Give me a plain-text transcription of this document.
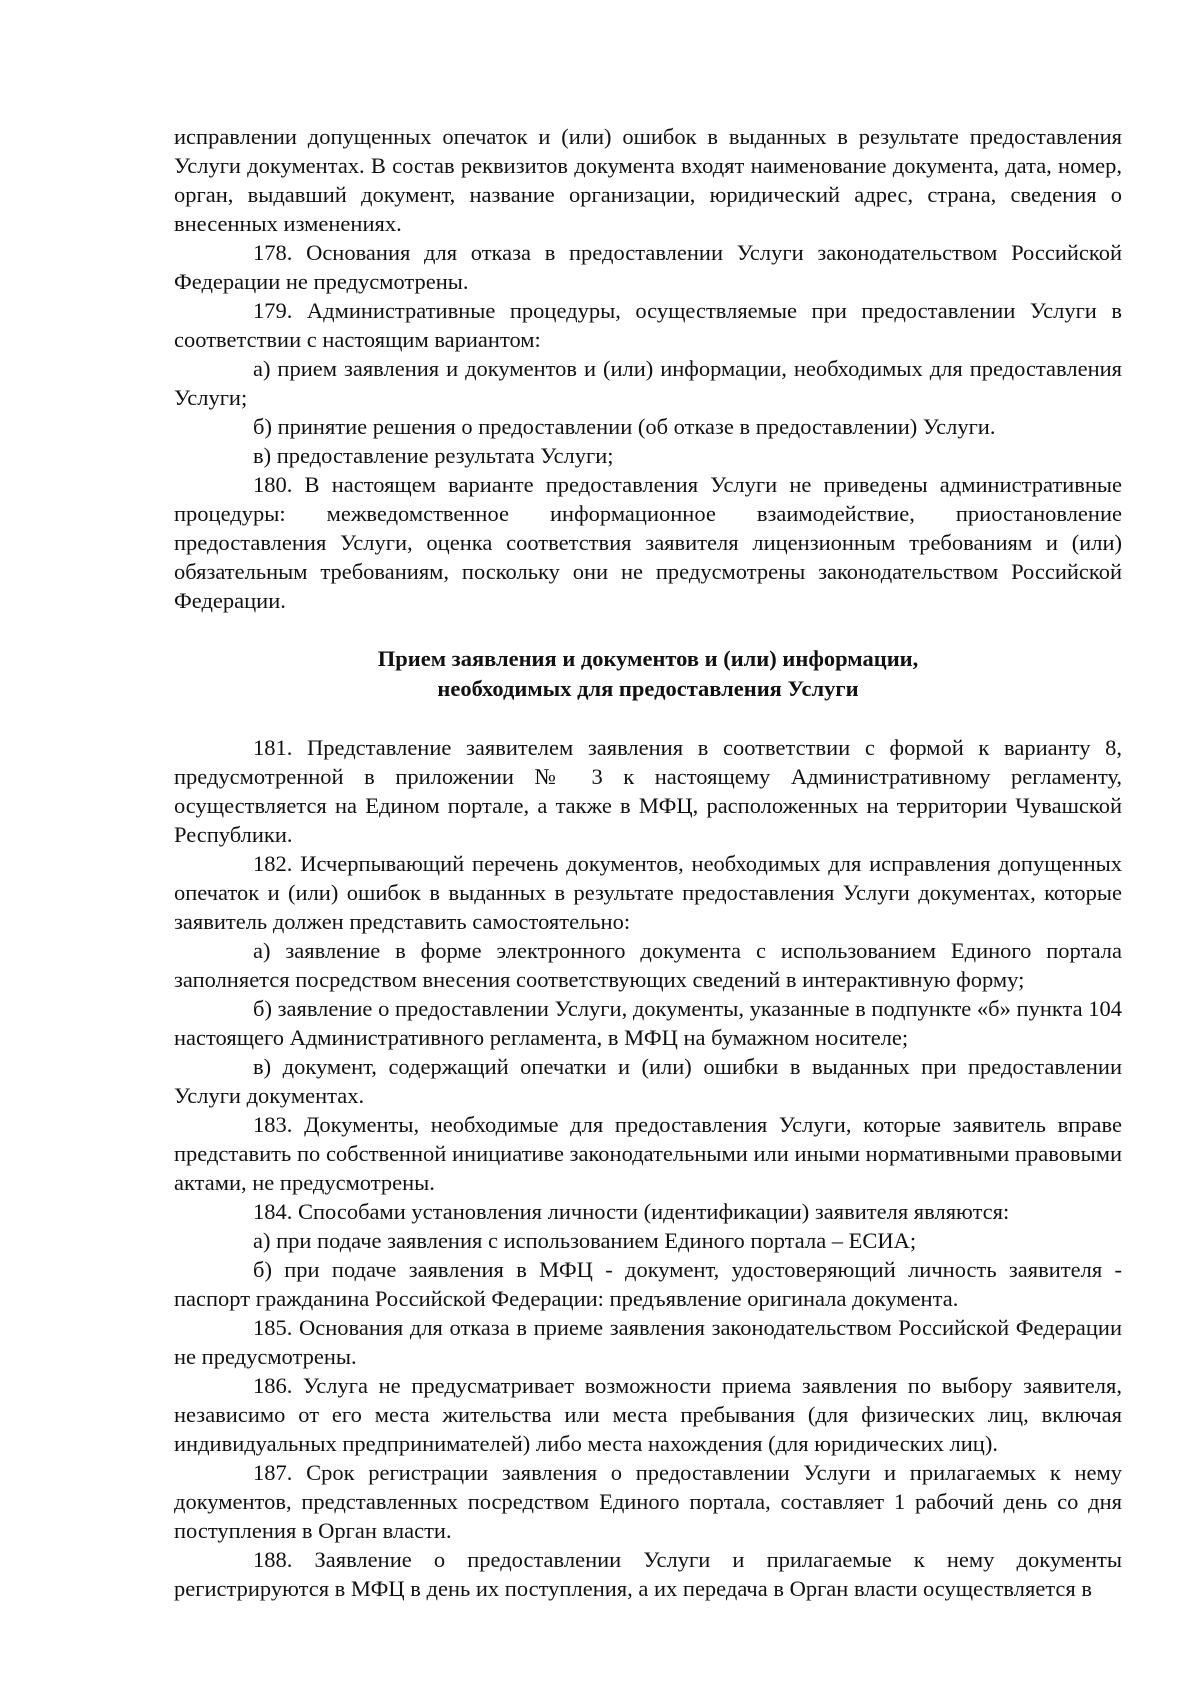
исправлении допущенных опечаток и (или) ошибок в выданных в результате предоставления Услуги документах. В состав реквизитов документа входят наименование документа, дата, номер, орган, выдавший документ, название организации, юридический адрес, страна, сведения о внесенных изменениях.

178. Основания для отказа в предоставлении Услуги законодательством Российской Федерации не предусмотрены.

179. Административные процедуры, осуществляемые при предоставлении Услуги в соответствии с настоящим вариантом:

а) прием заявления и документов и (или) информации, необходимых для предоставления Услуги;

б) принятие решения о предоставлении (об отказе в предоставлении) Услуги.

в) предоставление результата Услуги;

180. В настоящем варианте предоставления Услуги не приведены административные процедуры: межведомственное информационное взаимодействие, приостановление предоставления Услуги, оценка соответствия заявителя лицензионным требованиям и (или) обязательным требованиям, поскольку они не предусмотрены законодательством Российской Федерации.

Прием заявления и документов и (или) информации,
необходимых для предоставления Услуги

181. Представление заявителем заявления в соответствии с формой к варианту 8, предусмотренной в приложении № 3 к настоящему Административному регламенту, осуществляется на Едином портале, а также в МФЦ, расположенных на территории Чувашской Республики.

182. Исчерпывающий перечень документов, необходимых для исправления допущенных опечаток и (или) ошибок в выданных в результате предоставления Услуги документах, которые заявитель должен представить самостоятельно:

а) заявление в форме электронного документа с использованием Единого портала заполняется посредством внесения соответствующих сведений в интерактивную форму;

б) заявление о предоставлении Услуги, документы, указанные в подпункте «б» пункта 104 настоящего Административного регламента, в МФЦ на бумажном носителе;

в) документ, содержащий опечатки и (или) ошибки в выданных при предоставлении Услуги документах.

183. Документы, необходимые для предоставления Услуги, которые заявитель вправе представить по собственной инициативе законодательными или иными нормативными правовыми актами, не предусмотрены.

184. Способами установления личности (идентификации) заявителя являются:

а) при подаче заявления с использованием Единого портала – ЕСИА;

б) при подаче заявления в МФЦ - документ, удостоверяющий личность заявителя - паспорт гражданина Российской Федерации: предъявление оригинала документа.

185. Основания для отказа в приеме заявления законодательством Российской Федерации не предусмотрены.

186. Услуга не предусматривает возможности приема заявления по выбору заявителя, независимо от его места жительства или места пребывания (для физических лиц, включая индивидуальных предпринимателей) либо места нахождения (для юридических лиц).

187. Срок регистрации заявления о предоставлении Услуги и прилагаемых к нему документов, представленных посредством Единого портала, составляет 1 рабочий день со дня поступления в Орган власти.

188. Заявление о предоставлении Услуги и прилагаемые к нему документы регистрируются в МФЦ в день их поступления, а их передача в Орган власти осуществляется в
